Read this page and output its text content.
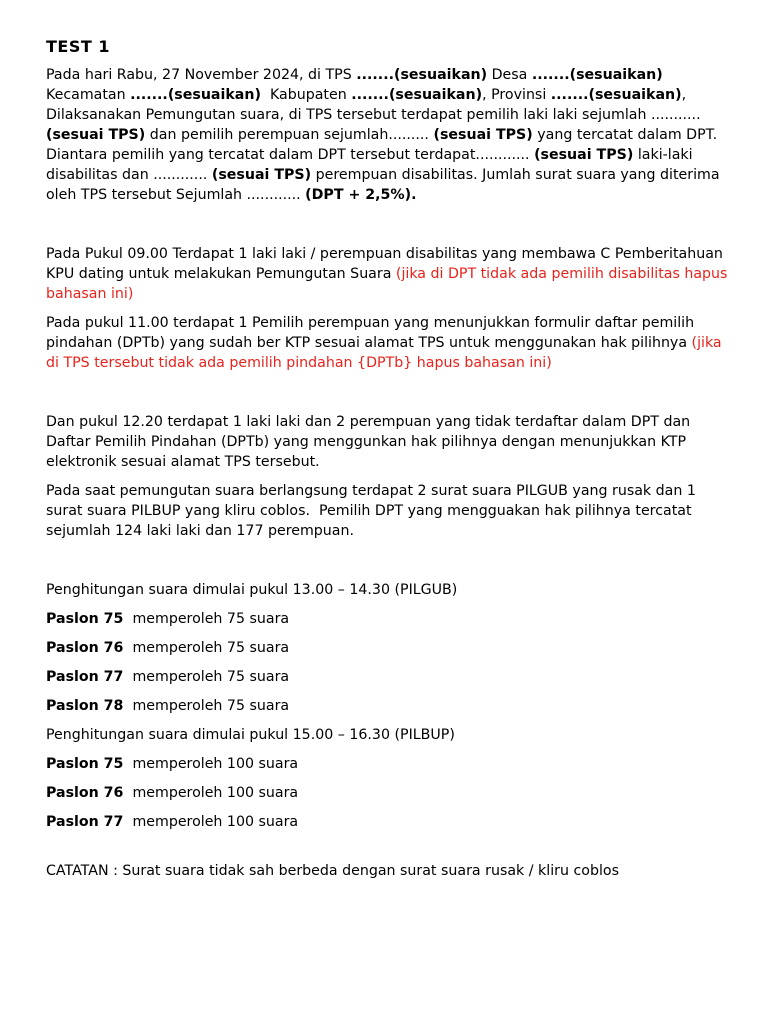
TEST 1

Pada hari Rabu, 27 November 2024, di TPS .......(sesuaikan) Desa .......(sesuaikan) Kecamatan .......(sesuaikan)  Kabupaten .......(sesuaikan), Provinsi .......(sesuaikan), Dilaksanakan Pemungutan suara, di TPS tersebut terdapat pemilih laki laki sejumlah ........... (sesuai TPS) dan pemilih perempuan sejumlah......... (sesuai TPS) yang tercatat dalam DPT. Diantara pemilih yang tercatat dalam DPT tersebut terdapat............ (sesuai TPS) laki-laki disabilitas dan ............ (sesuai TPS) perempuan disabilitas. Jumlah surat suara yang diterima oleh TPS tersebut Sejumlah ............ (DPT + 2,5%).

Pada Pukul 09.00 Terdapat 1 laki laki / perempuan disabilitas yang membawa C Pemberitahuan KPU dating untuk melakukan Pemungutan Suara (jika di DPT tidak ada pemilih disabilitas hapus bahasan ini)

Pada pukul 11.00 terdapat 1 Pemilih perempuan yang menunjukkan formulir daftar pemilih pindahan (DPTb) yang sudah ber KTP sesuai alamat TPS untuk menggunakan hak pilihnya (jika di TPS tersebut tidak ada pemilih pindahan {DPTb} hapus bahasan ini)

Dan pukul 12.20 terdapat 1 laki laki dan 2 perempuan yang tidak terdaftar dalam DPT dan Daftar Pemilih Pindahan (DPTb) yang menggunkan hak pilihnya dengan menunjukkan KTP elektronik sesuai alamat TPS tersebut.

Pada saat pemungutan suara berlangsung terdapat 2 surat suara PILGUB yang rusak dan 1 surat suara PILBUP yang kliru coblos.  Pemilih DPT yang mengguakan hak pilihnya tercatat sejumlah 124 laki laki dan 177 perempuan.

Penghitungan suara dimulai pukul 13.00 – 14.30 (PILGUB)

Paslon 75  memperoleh 75 suara

Paslon 76  memperoleh 75 suara

Paslon 77  memperoleh 75 suara

Paslon 78  memperoleh 75 suara

Penghitungan suara dimulai pukul 15.00 – 16.30 (PILBUP)

Paslon 75  memperoleh 100 suara

Paslon 76  memperoleh 100 suara

Paslon 77  memperoleh 100 suara

CATATAN : Surat suara tidak sah berbeda dengan surat suara rusak / kliru coblos
